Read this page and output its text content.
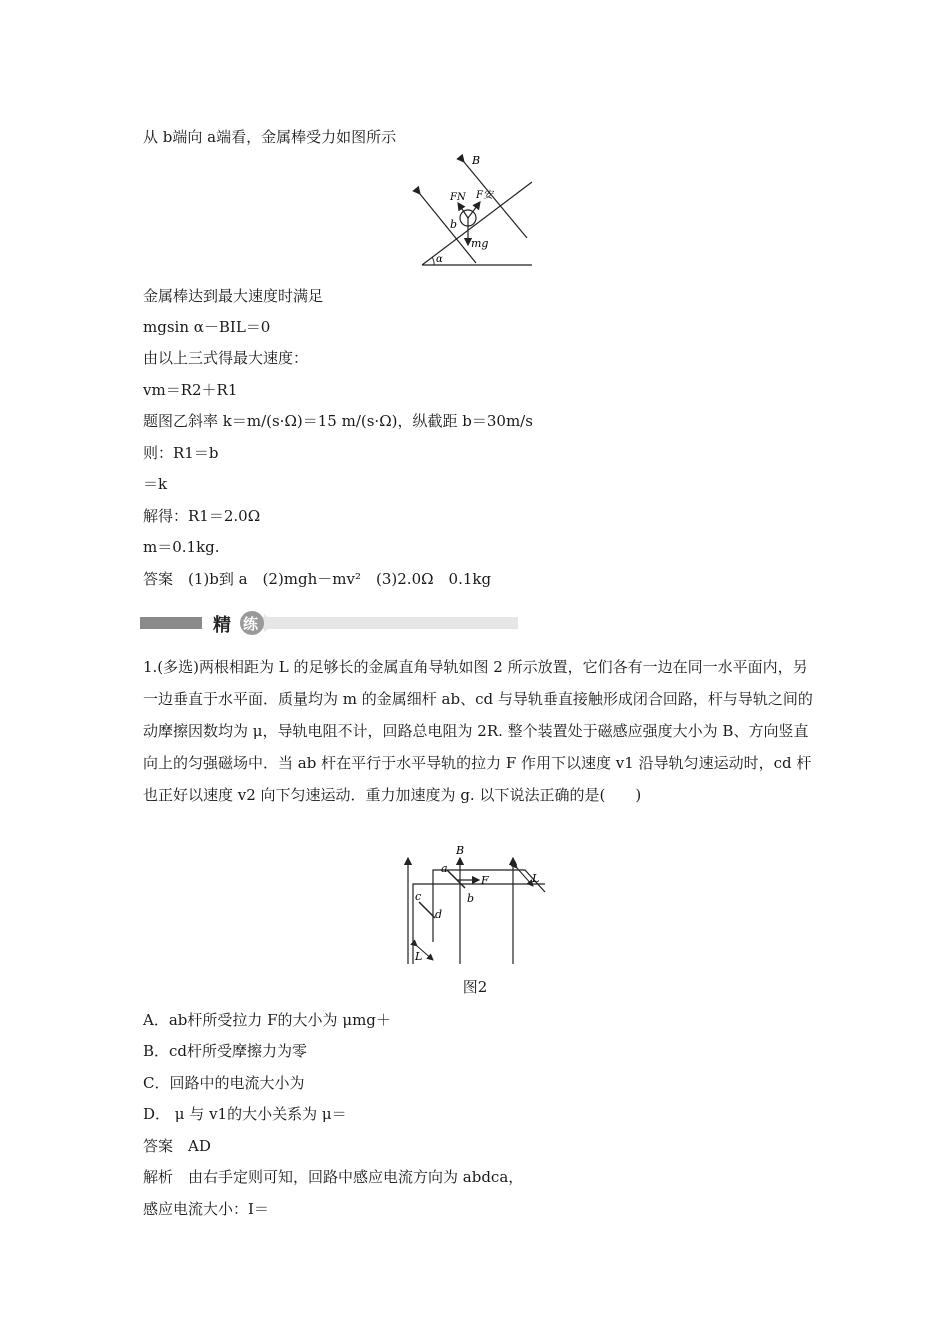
从 b端向 a端看，金属棒受力如图所示
B
FN F安
b
mg
α
金属棒达到最大速度时满足
mgsin α－BIL＝0
由以上三式得最大速度：
vm＝R2＋R1
题图乙斜率 k＝m/(s·Ω)＝15 m/(s·Ω)，纵截距 b＝30m/s
则：R1＝b
＝k
解得：R1＝2.0Ω
m＝0.1kg.
答案　(1)b到 a　(2)mgh－mv²　(3)2.0Ω　0.1kg
精 练
1.(多选)两根相距为 L 的足够长的金属直角导轨如图 2 所示放置，它们各有一边在同一水平面内，另一边垂直于水平面．质量均为 m 的金属细杆 ab、cd 与导轨垂直接触形成闭合回路，杆与导轨之间的动摩擦因数均为 μ，导轨电阻不计，回路总电阻为 2R. 整个装置处于磁感应强度大小为 B、方向竖直向上的匀强磁场中．当 ab 杆在平行于水平导轨的拉力 F 作用下以速度 v1 沿导轨匀速运动时，cd 杆也正好以速度 v2 向下匀速运动．重力加速度为 g. 以下说法正确的是(　　)
B
a
b
c
d
F	L
L
图2
A．ab杆所受拉力 F的大小为 μmg＋
B．cd杆所受摩擦力为零
C．回路中的电流大小为
D． μ 与 v1的大小关系为 μ＝
答案　AD
解析　由右手定则可知，回路中感应电流方向为 abdca，
感应电流大小：I＝
